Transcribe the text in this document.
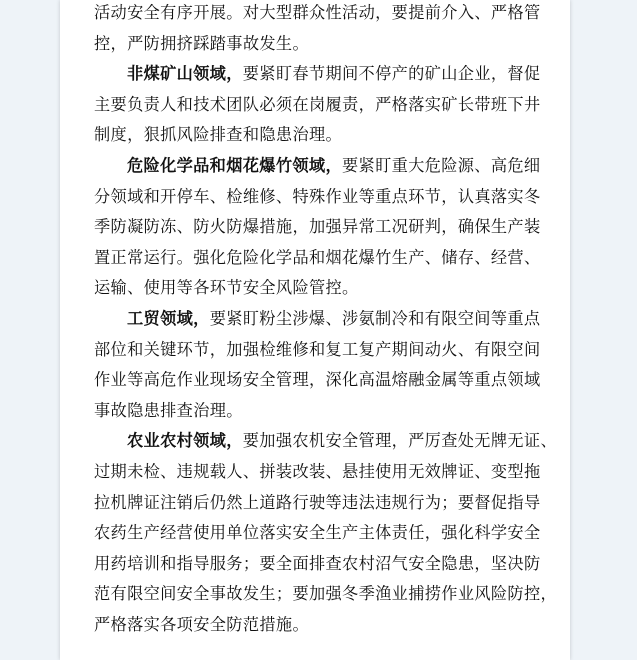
活动安全有序开展。对大型群众性活动，要提前介入、严格管
控，严防拥挤踩踏事故发生。

非煤矿山领域，要紧盯春节期间不停产的矿山企业，督促
主要负责人和技术团队必须在岗履责，严格落实矿长带班下井
制度，狠抓风险排查和隐患治理。

危险化学品和烟花爆竹领域，要紧盯重大危险源、高危细
分领域和开停车、检维修、特殊作业等重点环节，认真落实冬
季防凝防冻、防火防爆措施，加强异常工况研判，确保生产装
置正常运行。强化危险化学品和烟花爆竹生产、储存、经营、
运输、使用等各环节安全风险管控。

工贸领域，要紧盯粉尘涉爆、涉氨制冷和有限空间等重点
部位和关键环节，加强检维修和复工复产期间动火、有限空间
作业等高危作业现场安全管理，深化高温熔融金属等重点领域
事故隐患排查治理。

农业农村领域，要加强农机安全管理，严厉查处无牌无证、
过期未检、违规载人、拼装改装、悬挂使用无效牌证、变型拖
拉机牌证注销后仍然上道路行驶等违法违规行为；要督促指导
农药生产经营使用单位落实安全生产主体责任，强化科学安全
用药培训和指导服务；要全面排查农村沼气安全隐患，坚决防
范有限空间安全事故发生；要加强冬季渔业捕捞作业风险防控，
严格落实各项安全防范措施。
